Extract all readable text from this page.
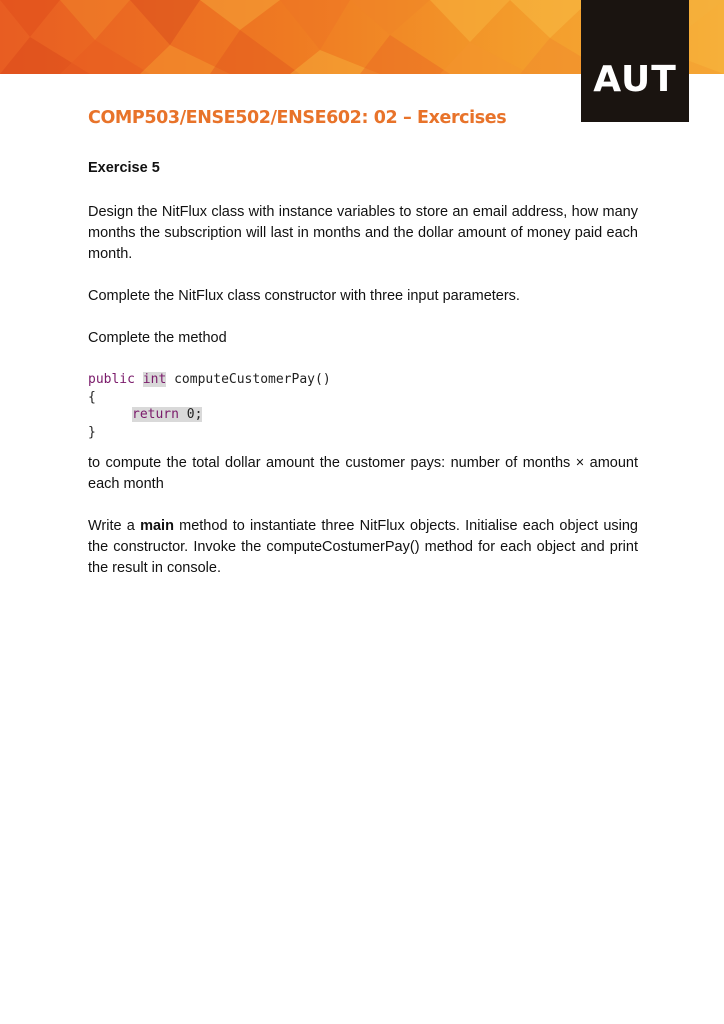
AUT
COMP503/ENSE502/ENSE602: 02 – Exercises
Exercise 5

Design the NitFlux class with instance variables to store an email address, how many months the subscription will last in months and the dollar amount of money paid each month.

Complete the NitFlux class constructor with three input parameters.

Complete the method

public int computeCustomerPay()
{
return 0;
}

to compute the total dollar amount the customer pays: number of months × amount each month

Write a main method to instantiate three NitFlux objects. Initialise each object using the constructor. Invoke the computeCostumerPay() method for each object and print the result in console.
